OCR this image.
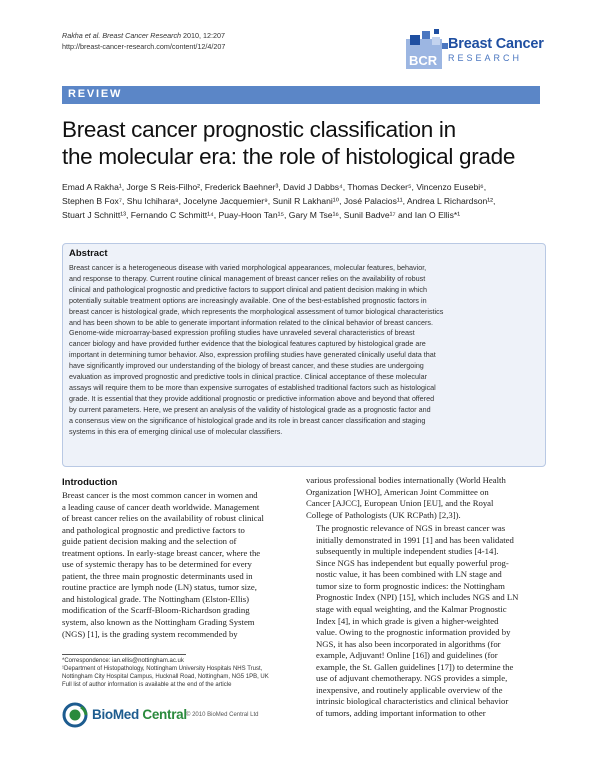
Rakha et al. Breast Cancer Research 2010, 12:207
http://breast-cancer-research.com/content/12/4/207
BCR
Breast Cancer
RESEARCH
REVIEW
Breast cancer prognostic classification in
the molecular era: the role of histological grade
Emad A Rakha¹, Jorge S Reis-Filho², Frederick Baehner³, David J Dabbs⁴, Thomas Decker⁵, Vincenzo Eusebi⁶,
Stephen B Fox⁷, Shu Ichihara⁸, Jocelyne Jacquemier⁹, Sunil R Lakhani¹⁰, José Palacios¹¹, Andrea L Richardson¹²,
Stuart J Schnitt¹³, Fernando C Schmitt¹⁴, Puay-Hoon Tan¹⁵, Gary M Tse¹⁶, Sunil Badve¹⁷ and Ian O Ellis*¹
Abstract
Breast cancer is a heterogeneous disease with varied morphological appearances, molecular features, behavior,
and response to therapy. Current routine clinical management of breast cancer relies on the availability of robust
clinical and pathological prognostic and predictive factors to support clinical and patient decision making in which
potentially suitable treatment options are increasingly available. One of the best-established prognostic factors in
breast cancer is histological grade, which represents the morphological assessment of tumor biological characteristics
and has been shown to be able to generate important information related to the clinical behavior of breast cancers.
Genome-wide microarray-based expression profiling studies have unraveled several characteristics of breast
cancer biology and have provided further evidence that the biological features captured by histological grade are
important in determining tumor behavior. Also, expression profiling studies have generated clinically useful data that
have significantly improved our understanding of the biology of breast cancer, and these studies are undergoing
evaluation as improved prognostic and predictive tools in clinical practice. Clinical acceptance of these molecular
assays will require them to be more than expensive surrogates of established traditional factors such as histological
grade. It is essential that they provide additional prognostic or predictive information above and beyond that offered
by current parameters. Here, we present an analysis of the validity of histological grade as a prognostic factor and
a consensus view on the significance of histological grade and its role in breast cancer classification and staging
systems in this era of emerging clinical use of molecular classifiers.
Introduction
Breast cancer is the most common cancer in women and
a leading cause of cancer death worldwide. Management
of breast cancer relies on the availability of robust clinical
and pathological prognostic and predictive factors to
guide patient decision making and the selection of
treatment options. In early-stage breast cancer, where the
use of systemic therapy has to be determined for every
patient, the three main prognostic determinants used in
routine practice are lymph node (LN) status, tumor size,
and histological grade. The Nottingham (Elston-Ellis)
modification of the Scarff-Bloom-Richardson grading
system, also known as the Nottingham Grading System
(NGS) [1], is the grading system recommended by

various professional bodies internationally (World Health
Organization [WHO], American Joint Committee on
Cancer [AJCC], European Union [EU], and the Royal
College of Pathologists (UK RCPath) [2,3]).

The prognostic relevance of NGS in breast cancer was
initially demonstrated in 1991 [1] and has been validated
subsequently in multiple independent studies [4-14].
Since NGS has independent but equally powerful prog-
nostic value, it has been combined with LN stage and
tumor size to form prognostic indices: the Nottingham
Prognostic Index (NPI) [15], which includes NGS and LN
stage with equal weighting, and the Kalmar Prognostic
Index [4], in which grade is given a higher-weighted
value. Owing to the prognostic information provided by
NGS, it has also been incorporated in algorithms (for
example, Adjuvant! Online [16]) and guidelines (for
example, the St. Gallen guidelines [17]) to determine the
use of adjuvant chemotherapy. NGS provides a simple,
inexpensive, and routinely applicable overview of the
intrinsic biological characteristics and clinical behavior
of tumors, adding important information to other

*Correspondence: ian.ellis@nottingham.ac.uk
¹Department of Histopathology, Nottingham University Hospitals NHS Trust,
Nottingham City Hospital Campus, Hucknall Road, Nottingham, NG5 1PB, UK
Full list of author information is available at the end of the article
BioMed Central © 2010 BioMed Central Ltd
